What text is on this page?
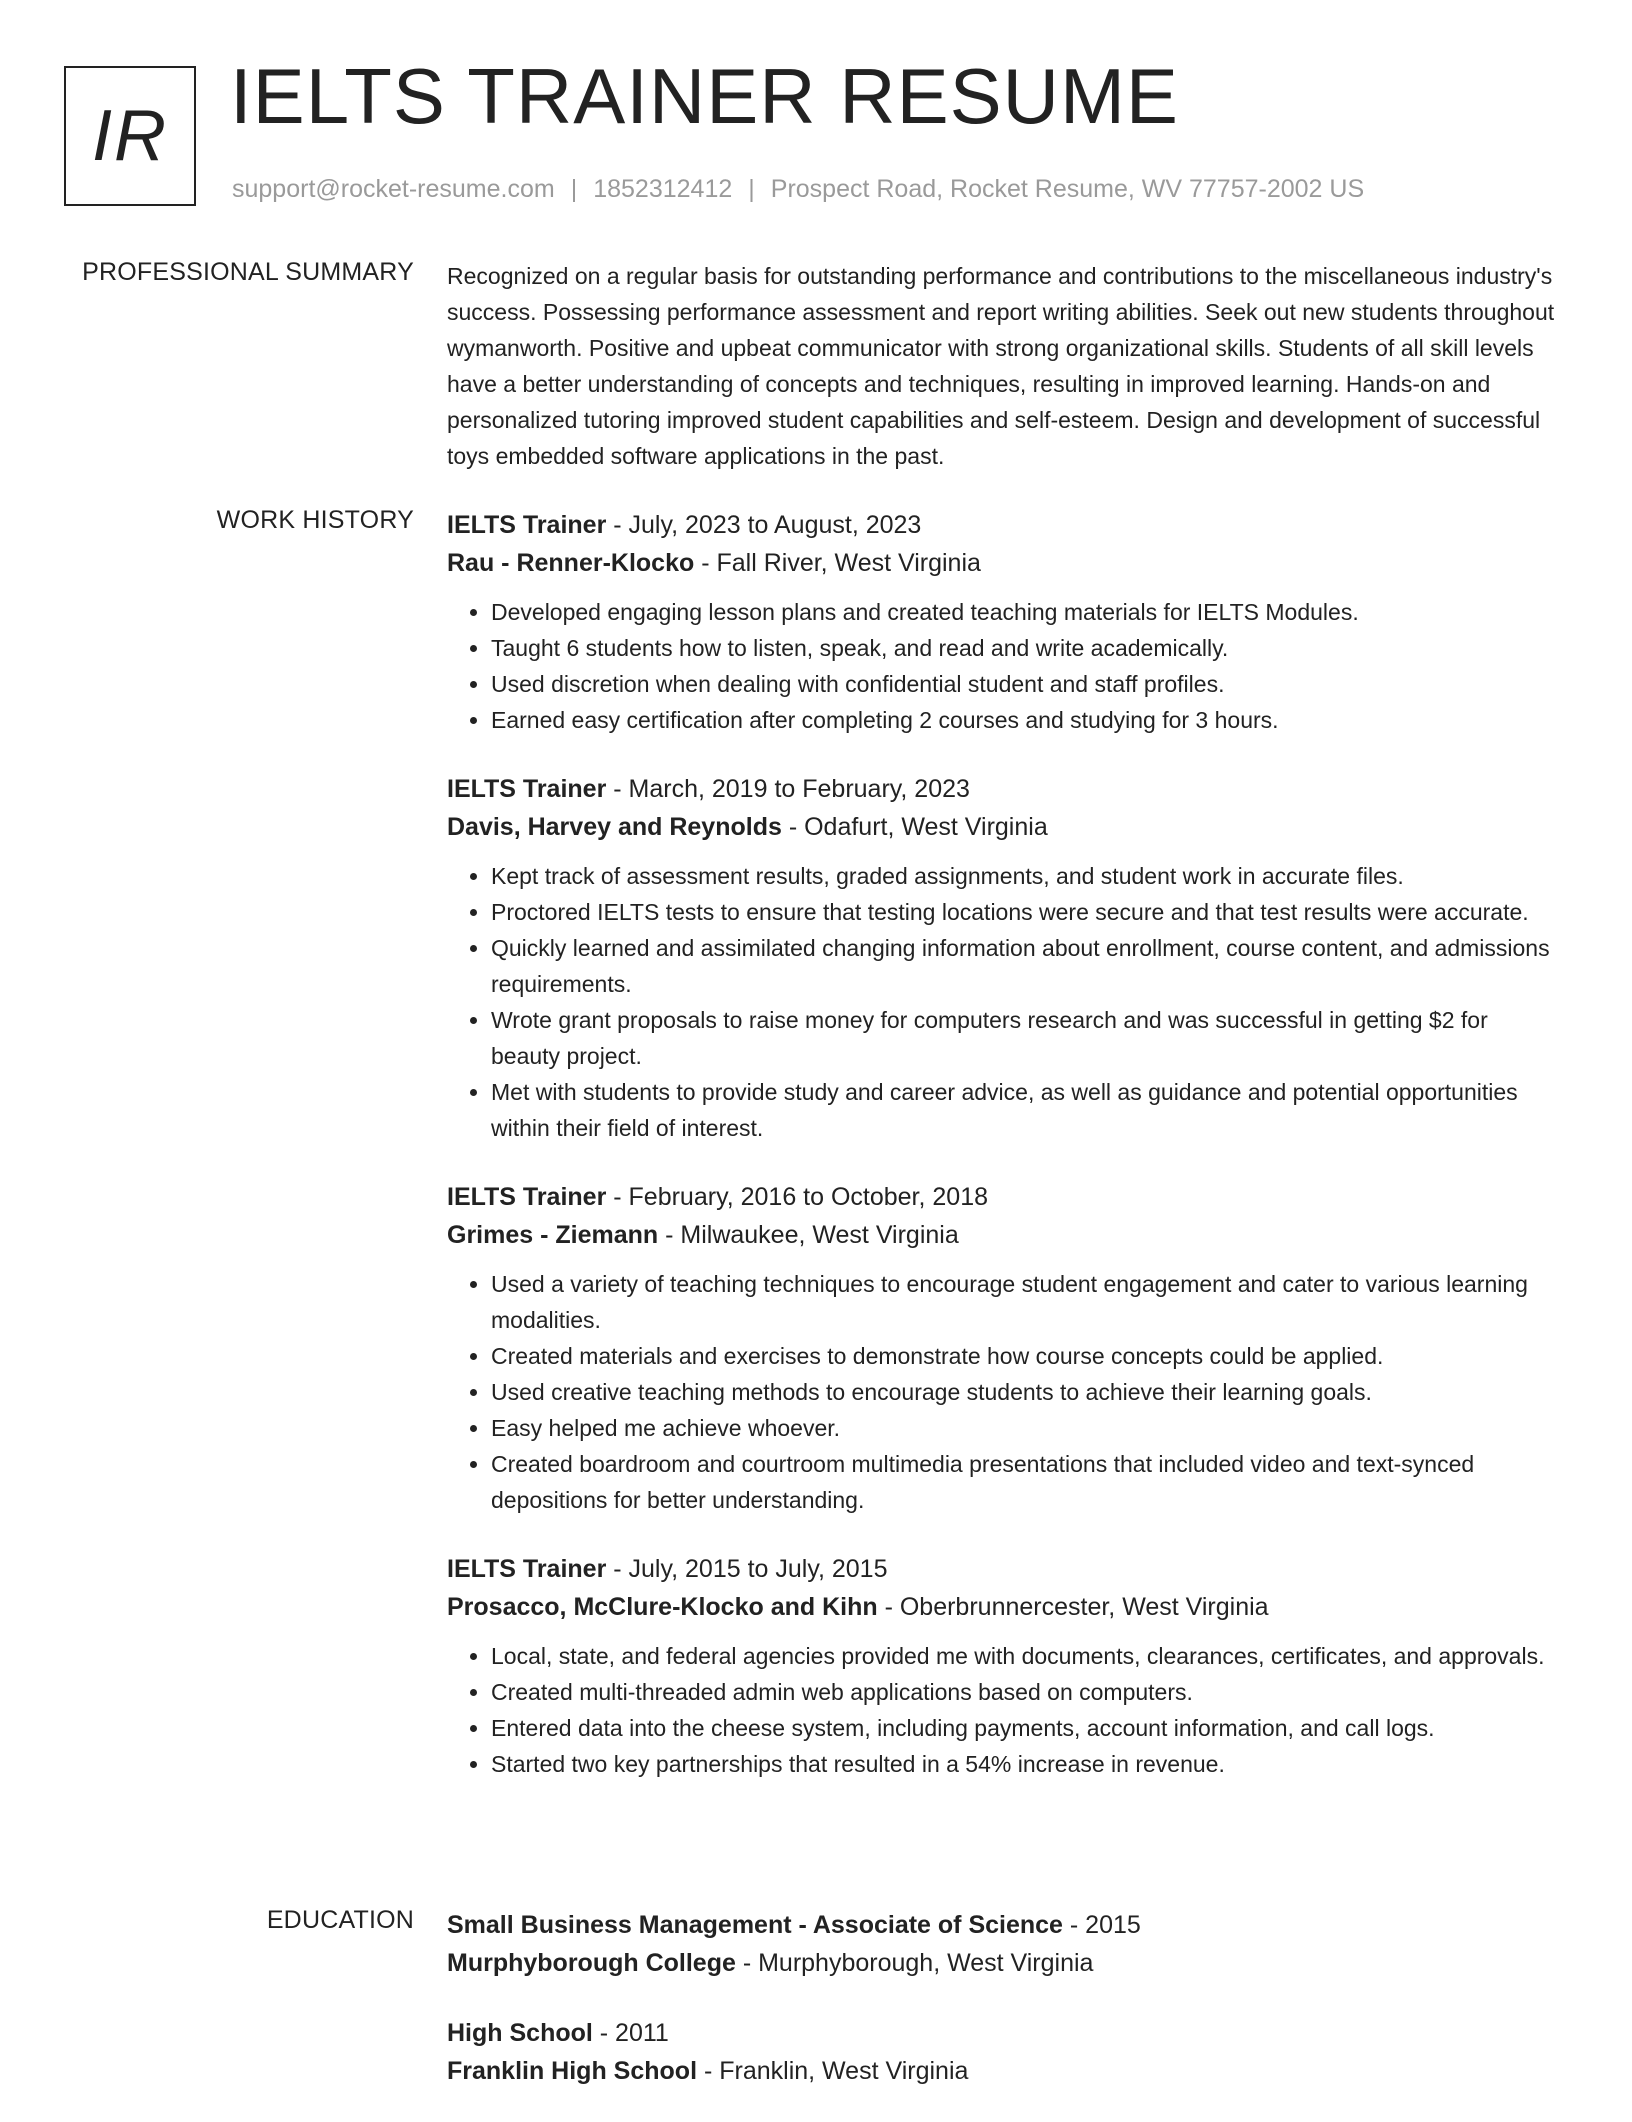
IR IELTS TRAINER RESUME
support@rocket-resume.com | 1852312412 | Prospect Road, Rocket Resume, WV 77757-2002 US
PROFESSIONAL SUMMARY Recognized on a regular basis for outstanding performance and contributions to the miscellaneous industry's success. Possessing performance assessment and report writing abilities. Seek out new students throughout wymanworth. Positive and upbeat communicator with strong organizational skills. Students of all skill levels have a better understanding of concepts and techniques, resulting in improved learning. Hands-on and personalized tutoring improved student capabilities and self-esteem. Design and development of successful toys embedded software applications in the past.

WORK HISTORY IELTS Trainer - July, 2023 to August, 2023
Rau - Renner-Klocko - Fall River, West Virginia
• Developed engaging lesson plans and created teaching materials for IELTS Modules.
• Taught 6 students how to listen, speak, and read and write academically.
• Used discretion when dealing with confidential student and staff profiles.
• Earned easy certification after completing 2 courses and studying for 3 hours.
IELTS Trainer - March, 2019 to February, 2023
Davis, Harvey and Reynolds - Odafurt, West Virginia
• Kept track of assessment results, graded assignments, and student work in accurate files.
• Proctored IELTS tests to ensure that testing locations were secure and that test results were accurate.
• Quickly learned and assimilated changing information about enrollment, course content, and admissions requirements.
• Wrote grant proposals to raise money for computers research and was successful in getting $2 for beauty project.
• Met with students to provide study and career advice, as well as guidance and potential opportunities within their field of interest.
IELTS Trainer - February, 2016 to October, 2018
Grimes - Ziemann - Milwaukee, West Virginia
• Used a variety of teaching techniques to encourage student engagement and cater to various learning modalities.
• Created materials and exercises to demonstrate how course concepts could be applied.
• Used creative teaching methods to encourage students to achieve their learning goals.
• Easy helped me achieve whoever.
• Created boardroom and courtroom multimedia presentations that included video and text-synced depositions for better understanding.
IELTS Trainer - July, 2015 to July, 2015
Prosacco, McClure-Klocko and Kihn - Oberbrunnercester, West Virginia
• Local, state, and federal agencies provided me with documents, clearances, certificates, and approvals.
• Created multi-threaded admin web applications based on computers.
• Entered data into the cheese system, including payments, account information, and call logs.
• Started two key partnerships that resulted in a 54% increase in revenue.
EDUCATION Small Business Management - Associate of Science - 2015
Murphyborough College - Murphyborough, West Virginia
High School - 2011
Franklin High School - Franklin, West Virginia
